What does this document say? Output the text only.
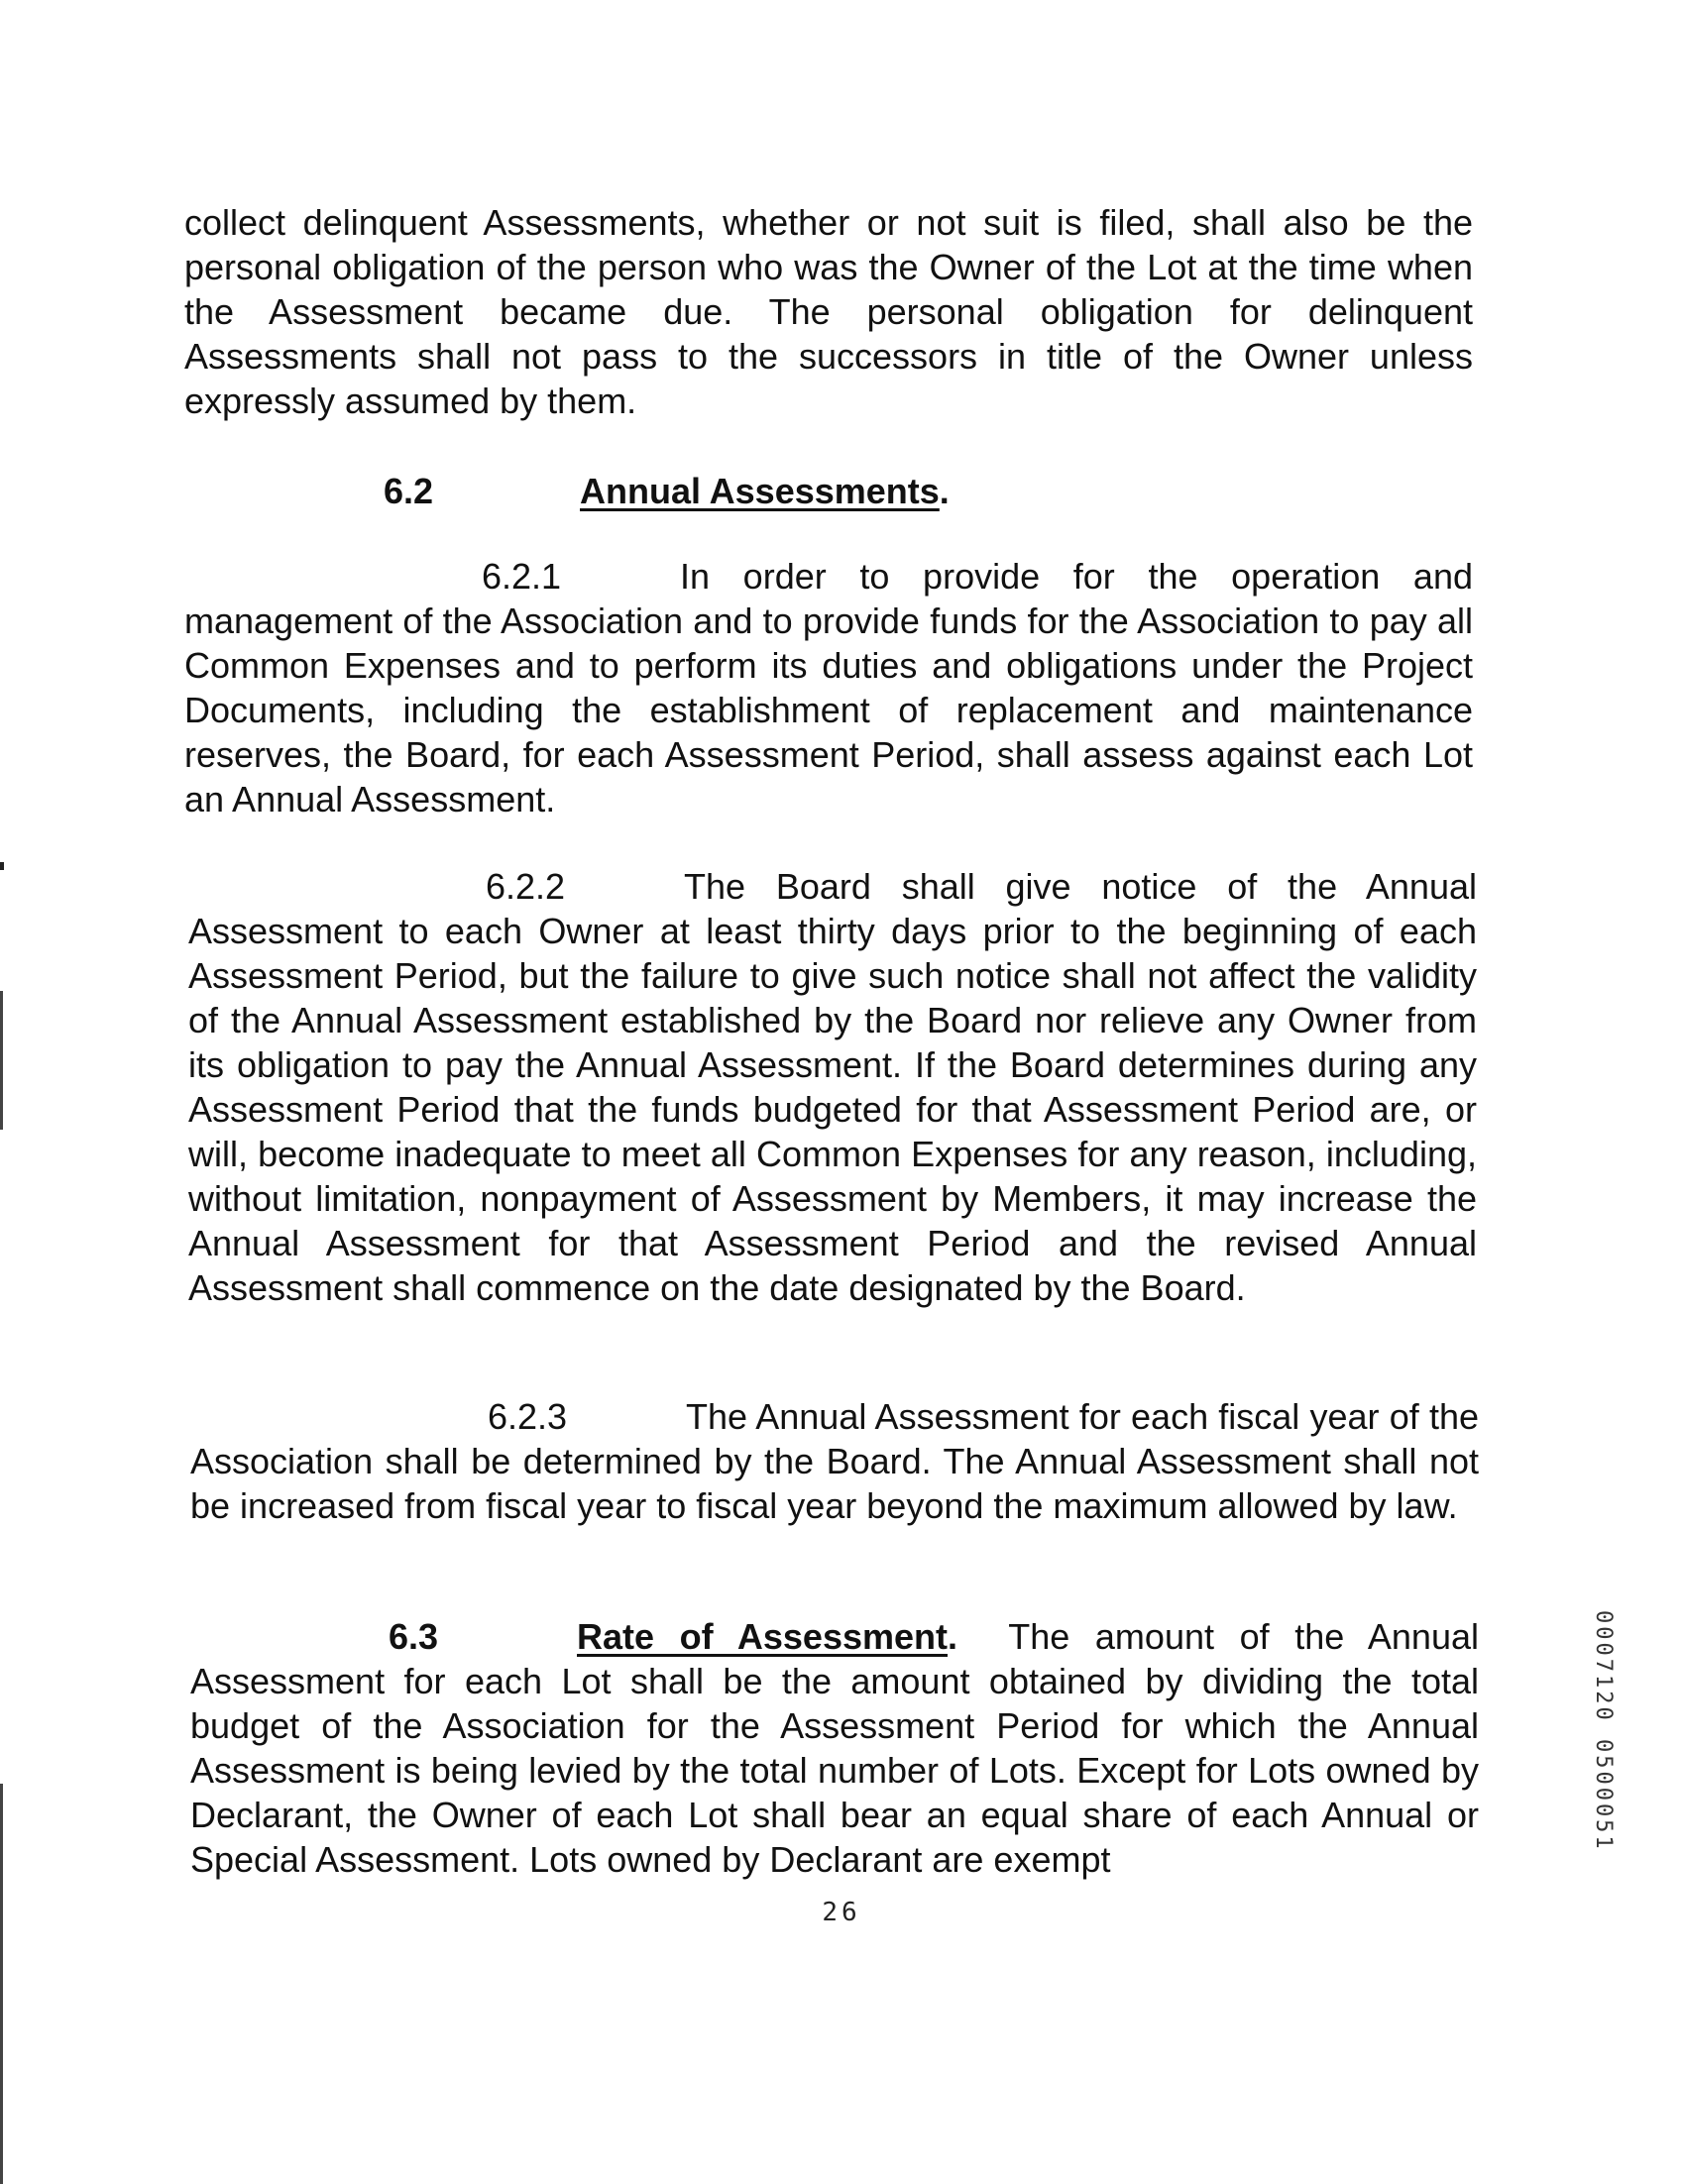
collect delinquent Assessments, whether or not suit is filed, shall also be the personal obligation of the person who was the Owner of the Lot at the time when the Assessment became due. The personal obligation for delinquent Assessments shall not pass to the successors in title of the Owner unless expressly assumed by them.

6.2	Annual Assessments.

6.2.1	In order to provide for the operation and management of the Association and to provide funds for the Association to pay all Common Expenses and to perform its duties and obligations under the Project Documents, including the establishment of replacement and maintenance reserves, the Board, for each Assessment Period, shall assess against each Lot an Annual Assessment.

6.2.2	The Board shall give notice of the Annual Assessment to each Owner at least thirty days prior to the beginning of each Assessment Period, but the failure to give such notice shall not affect the validity of the Annual Assessment established by the Board nor relieve any Owner from its obligation to pay the Annual Assessment. If the Board determines during any Assessment Period that the funds budgeted for that Assessment Period are, or will, become inadequate to meet all Common Expenses for any reason, including, without limitation, nonpayment of Assessment by Members, it may increase the Annual Assessment for that Assessment Period and the revised Annual Assessment shall commence on the date designated by the Board.

6.2.3	The Annual Assessment for each fiscal year of the Association shall be determined by the Board. The Annual Assessment shall not be increased from fiscal year to fiscal year beyond the maximum allowed by law.

6.3	Rate of Assessment. The amount of the Annual Assessment for each Lot shall be the amount obtained by dividing the total budget of the Association for the Assessment Period for which the Annual Assessment is being levied by the total number of Lots. Except for Lots owned by Declarant, the Owner of each Lot shall bear an equal share of each Annual or Special Assessment. Lots owned by Declarant are exempt

26
0007120 0500051
